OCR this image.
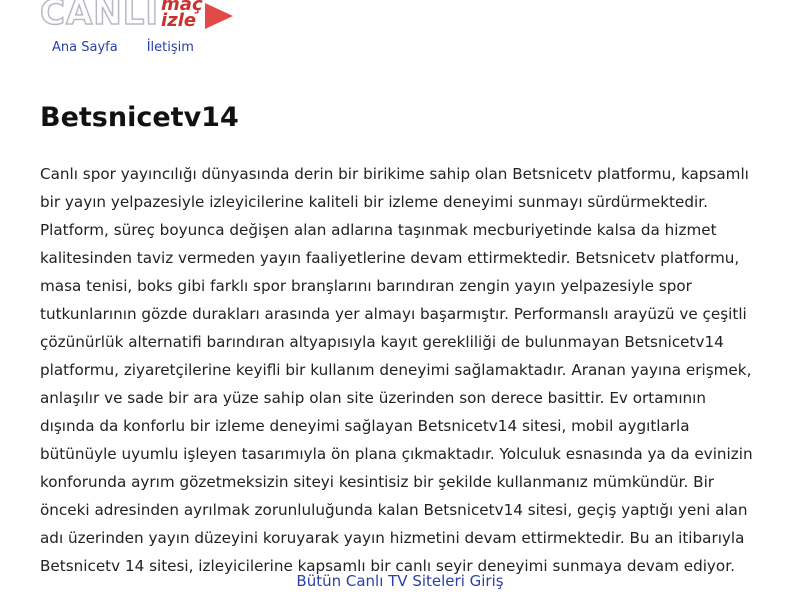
CANLI maç
izle
Ana Sayfa İletişim
Betsnicetv14

Canlı spor yayıncılığı dünyasında derin bir birikime sahip olan Betsnicetv platformu, kapsamlı bir yayın yelpazesiyle izleyicilerine kaliteli bir izleme deneyimi sunmayı sürdürmektedir. Platform, süreç boyunca değişen alan adlarına taşınmak mecburiyetinde kalsa da hizmet kalitesinden taviz vermeden yayın faaliyetlerine devam ettirmektedir. Betsnicetv platformu, masa tenisi, boks gibi farklı spor branşlarını barındıran zengin yayın yelpazesiyle spor tutkunlarının gözde durakları arasında yer almayı başarmıştır. Performanslı arayüzü ve çeşitli çözünürlük alternatifi barındıran altyapısıyla kayıt gerekliliği de bulunmayan Betsnicetv14 platformu, ziyaretçilerine keyifli bir kullanım deneyimi sağlamaktadır. Aranan yayına erişmek, anlaşılır ve sade bir ara yüze sahip olan site üzerinden son derece basittir. Ev ortamının dışında da konforlu bir izleme deneyimi sağlayan Betsnicetv14 sitesi, mobil aygıtlarla bütünüyle uyumlu işleyen tasarımıyla ön plana çıkmaktadır. Yolculuk esnasında ya da evinizin konforunda ayrım gözetmeksizin siteyi kesintisiz bir şekilde kullanmanız mümkündür. Bir önceki adresinden ayrılmak zorunluluğunda kalan Betsnicetv14 sitesi, geçiş yaptığı yeni alan adı üzerinden yayın düzeyini koruyarak yayın hizmetini devam ettirmektedir. Bu an itibarıyla Betsnicetv 14 sitesi, izleyicilerine kapsamlı bir canlı seyir deneyimi sunmaya devam ediyor.

Bütün Canlı TV Siteleri Giriş
